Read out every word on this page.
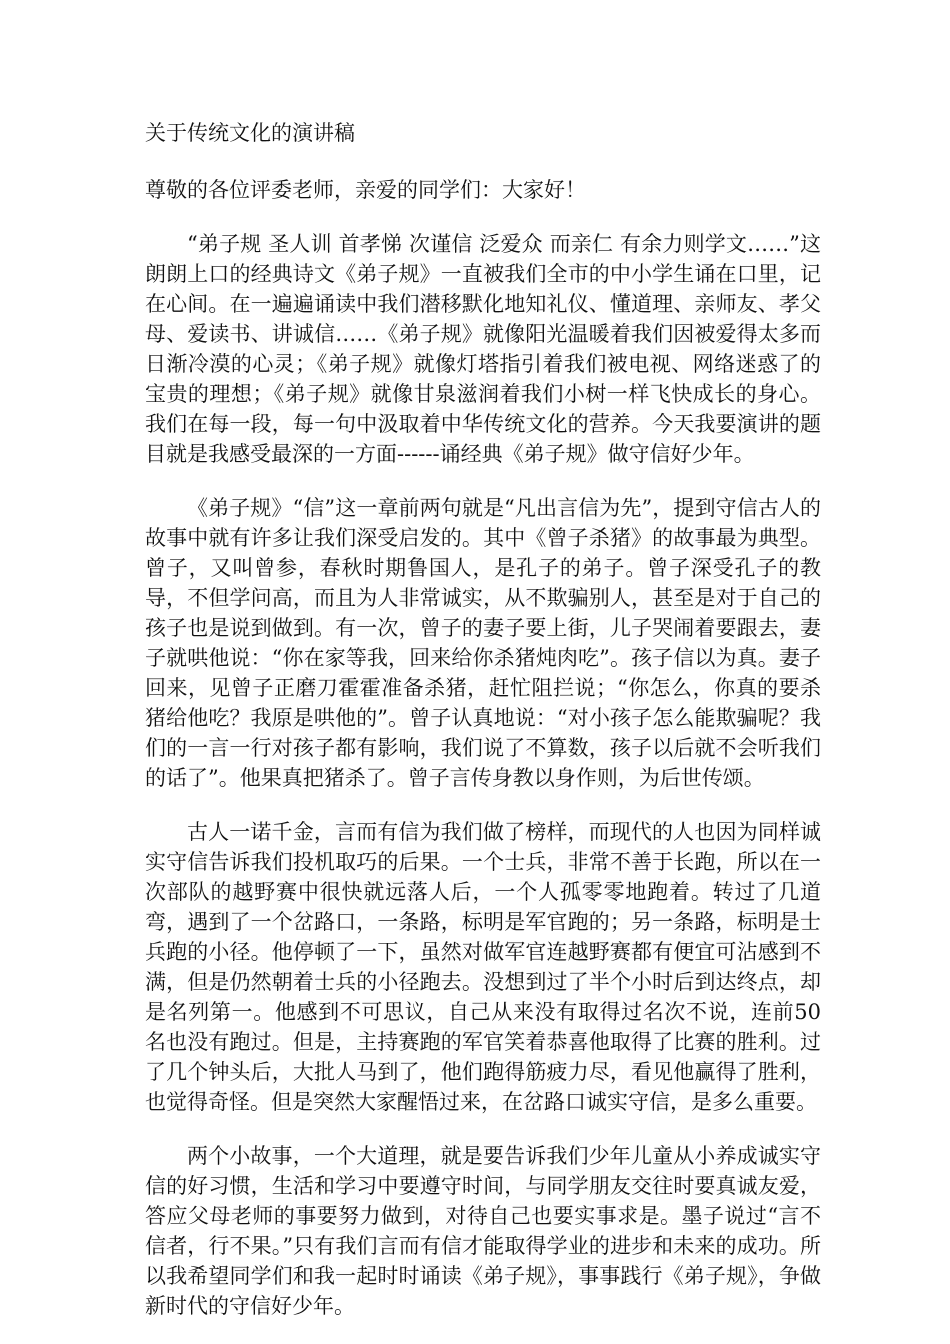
关于传统文化的演讲稿

尊敬的各位评委老师，亲爱的同学们：大家好！

“弟子规 圣人训 首孝悌 次谨信 泛爱众 而亲仁 有余力则学文……”这朗朗上口的经典诗文《弟子规》一直被我们全市的中小学生诵在口里，记在心间。在一遍遍诵读中我们潜移默化地知礼仪、懂道理、亲师友、孝父母、爱读书、讲诚信……《弟子规》就像阳光温暖着我们因被爱得太多而日渐冷漠的心灵；《弟子规》就像灯塔指引着我们被电视、网络迷惑了的宝贵的理想；《弟子规》就像甘泉滋润着我们小树一样飞快成长的身心。我们在每一段，每一句中汲取着中华传统文化的营养。今天我要演讲的题目就是我感受最深的一方面------诵经典《弟子规》做守信好少年。

《弟子规》“信”这一章前两句就是“凡出言信为先”，提到守信古人的故事中就有许多让我们深受启发的。其中《曾子杀猪》的故事最为典型。曾子，又叫曾参，春秋时期鲁国人，是孔子的弟子。曾子深受孔子的教导，不但学问高，而且为人非常诚实，从不欺骗别人，甚至是对于自己的孩子也是说到做到。有一次，曾子的妻子要上街，儿子哭闹着要跟去，妻子就哄他说：“你在家等我，回来给你杀猪炖肉吃”。孩子信以为真。妻子回来，见曾子正磨刀霍霍准备杀猪，赶忙阻拦说；“你怎么，你真的要杀猪给他吃？我原是哄他的”。曾子认真地说：“对小孩子怎么能欺骗呢？我们的一言一行对孩子都有影响，我们说了不算数，孩子以后就不会听我们的话了”。他果真把猪杀了。曾子言传身教以身作则，为后世传颂。

古人一诺千金，言而有信为我们做了榜样，而现代的人也因为同样诚实守信告诉我们投机取巧的后果。一个士兵，非常不善于长跑，所以在一次部队的越野赛中很快就远落人后，一个人孤零零地跑着。转过了几道弯，遇到了一个岔路口，一条路，标明是军官跑的；另一条路，标明是士兵跑的小径。他停顿了一下，虽然对做军官连越野赛都有便宜可沾感到不满，但是仍然朝着士兵的小径跑去。没想到过了半个小时后到达终点，却是名列第一。他感到不可思议，自己从来没有取得过名次不说，连前50名也没有跑过。但是，主持赛跑的军官笑着恭喜他取得了比赛的胜利。过了几个钟头后，大批人马到了，他们跑得筋疲力尽，看见他赢得了胜利，也觉得奇怪。但是突然大家醒悟过来，在岔路口诚实守信，是多么重要。

两个小故事，一个大道理，就是要告诉我们少年儿童从小养成诚实守信的好习惯，生活和学习中要遵守时间，与同学朋友交往时要真诚友爱，答应父母老师的事要努力做到，对待自己也要实事求是。墨子说过“言不信者，行不果。”只有我们言而有信才能取得学业的进步和未来的成功。所以我希望同学们和我一起时时诵读《弟子规》，事事践行《弟子规》，争做新时代的守信好少年。
